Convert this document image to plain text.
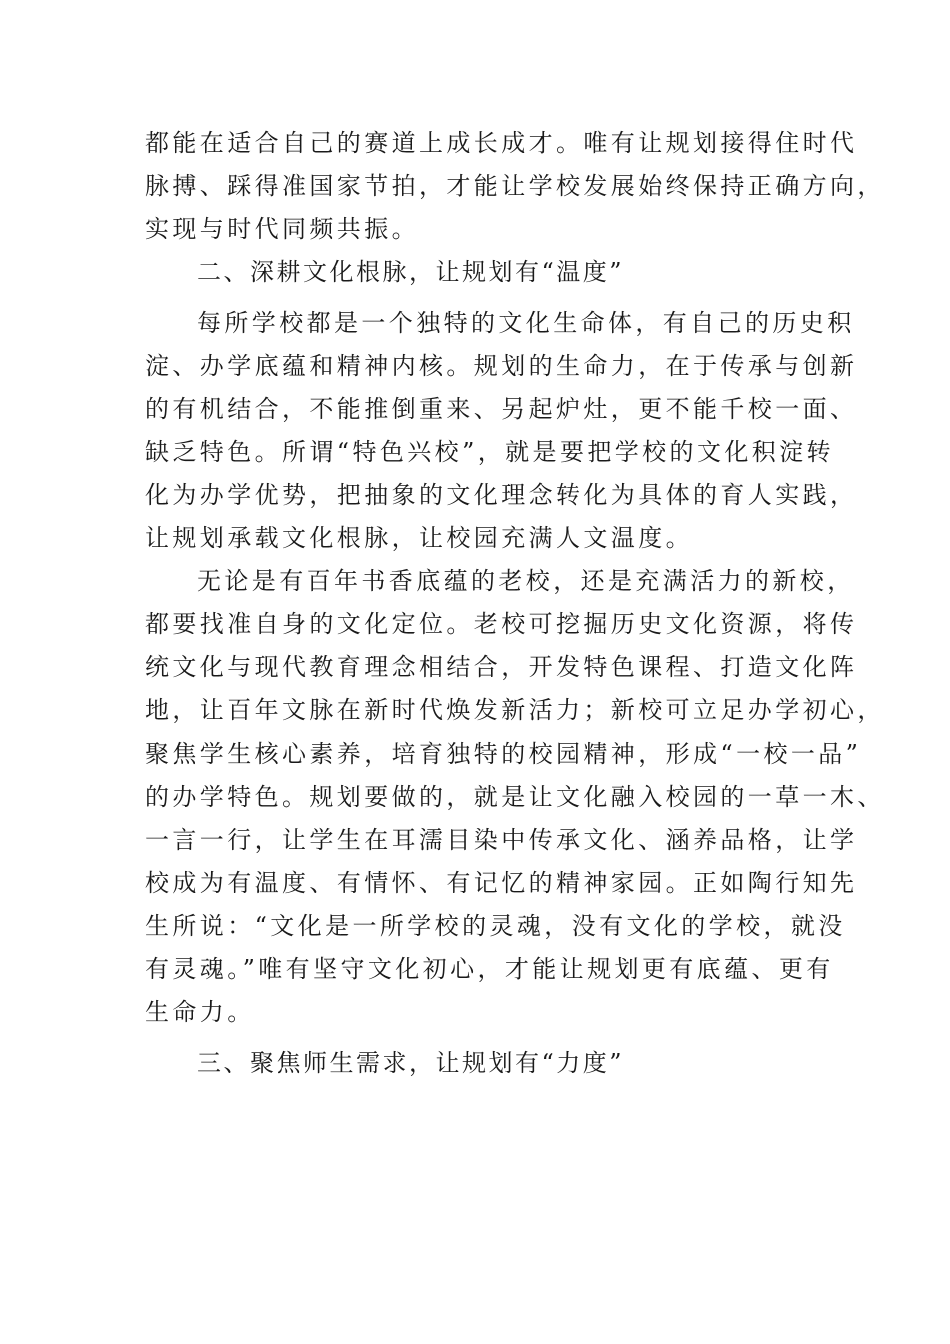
都能在适合自己的赛道上成长成才。唯有让规划接得住时代
脉搏、踩得准国家节拍，才能让学校发展始终保持正确方向，
实现与时代同频共振。
二、深耕文化根脉，让规划有“温度”
每所学校都是一个独特的文化生命体，有自己的历史积
淀、办学底蕴和精神内核。规划的生命力，在于传承与创新
的有机结合，不能推倒重来、另起炉灶，更不能千校一面、
缺乏特色。所谓“特色兴校”，就是要把学校的文化积淀转
化为办学优势，把抽象的文化理念转化为具体的育人实践，
让规划承载文化根脉，让校园充满人文温度。
无论是有百年书香底蕴的老校，还是充满活力的新校，
都要找准自身的文化定位。老校可挖掘历史文化资源，将传
统文化与现代教育理念相结合，开发特色课程、打造文化阵
地，让百年文脉在新时代焕发新活力；新校可立足办学初心，
聚焦学生核心素养，培育独特的校园精神，形成“一校一品”
的办学特色。规划要做的，就是让文化融入校园的一草一木、
一言一行，让学生在耳濡目染中传承文化、涵养品格，让学
校成为有温度、有情怀、有记忆的精神家园。正如陶行知先
生所说：“文化是一所学校的灵魂，没有文化的学校，就没
有灵魂。”唯有坚守文化初心，才能让规划更有底蕴、更有
生命力。
三、聚焦师生需求，让规划有“力度”
